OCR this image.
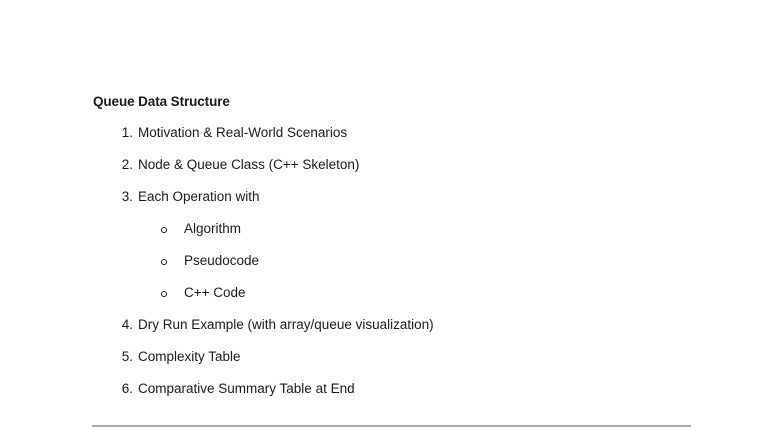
Queue Data Structure
1. Motivation & Real-World Scenarios
2. Node & Queue Class (C++ Skeleton)
3. Each Operation with
Algorithm
Pseudocode
C++ Code
4. Dry Run Example (with array/queue visualization)
5. Complexity Table
6. Comparative Summary Table at End
